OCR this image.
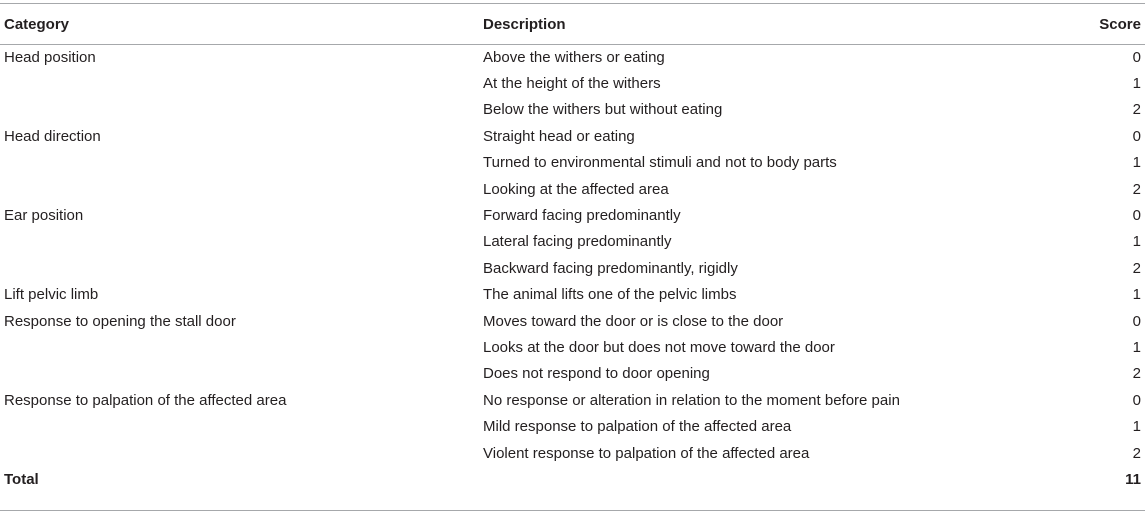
Category	Description	Score
Head position	Above the withers or eating	0
	At the height of the withers	1
	Below the withers but without eating	2
Head direction	Straight head or eating	0
	Turned to environmental stimuli and not to body parts	1
	Looking at the affected area	2
Ear position	Forward facing predominantly	0
	Lateral facing predominantly	1
	Backward facing predominantly, rigidly	2
Lift pelvic limb	The animal lifts one of the pelvic limbs	1
Response to opening the stall door	Moves toward the door or is close to the door	0
	Looks at the door but does not move toward the door	1
	Does not respond to door opening	2
Response to palpation of the affected area	No response or alteration in relation to the moment before pain	0
	Mild response to palpation of the affected area	1
	Violent response to palpation of the affected area	2
Total		11
